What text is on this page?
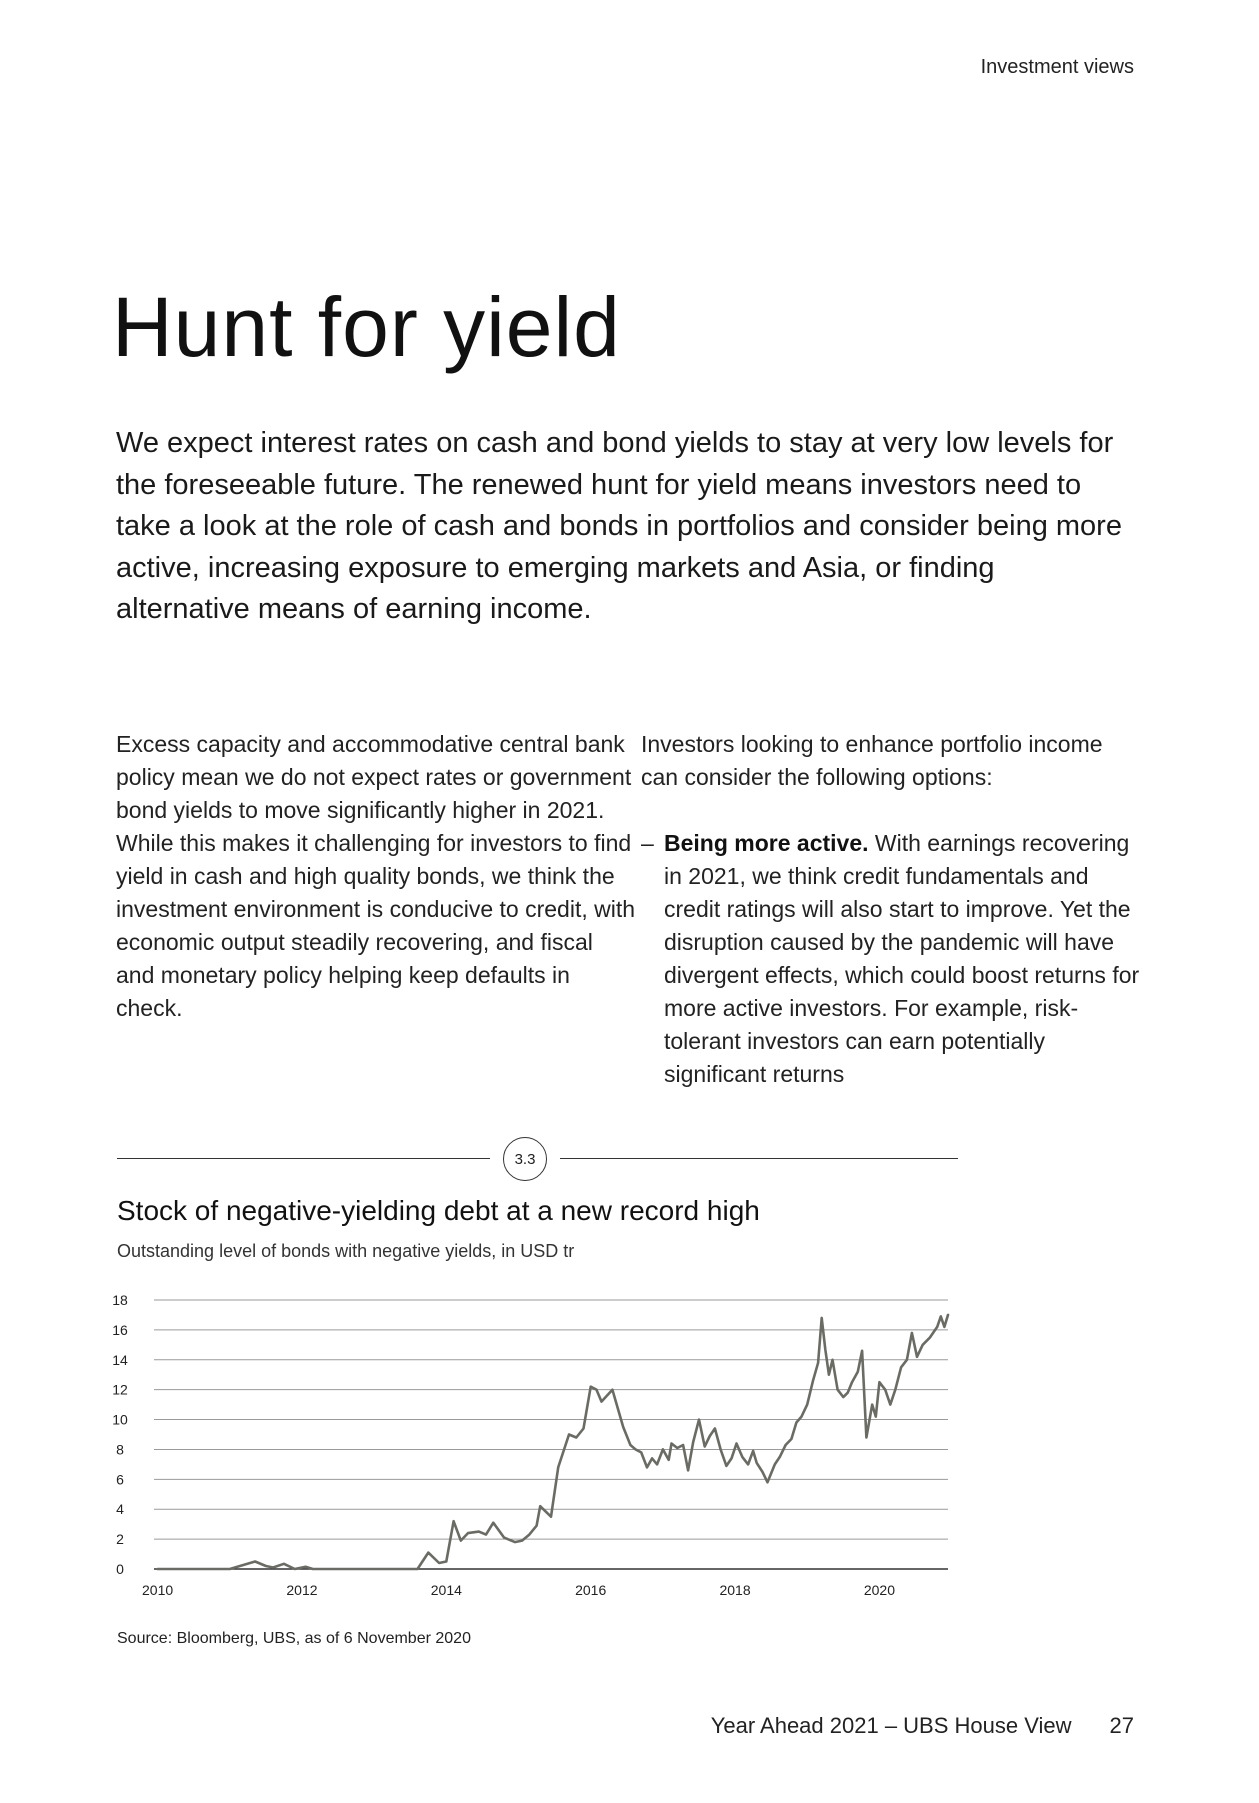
Investment views
Hunt for yield

We expect interest rates on cash and bond yields to stay at very low levels for the foreseeable future. The renewed hunt for yield means investors need to take a look at the role of cash and bonds in portfolios and consider being more active, increasing exposure to emerging markets and Asia, or finding alternative means of earning income.

Excess capacity and accommodative central bank policy mean we do not expect rates or government bond yields to move significantly higher in 2021. While this makes it challenging for investors to find yield in cash and high quality bonds, we think the investment environment is conducive to credit, with economic output steadily recovering, and fiscal and monetary policy helping keep defaults in check.

Investors looking to enhance portfolio income can consider the following options:

– Being more active. With earnings recovering in 2021, we think credit fundamentals and credit ratings will also start to improve. Yet the disruption caused by the pandemic will have divergent effects, which could boost returns for more active investors. For example, risk-tolerant investors can earn potentially significant returns
3.3
Stock of negative-yielding debt at a new record high
Outstanding level of bonds with negative yields, in USD tr
0
2
4
6
8
10
12
14
16
18
2010	2012	2014	2016	2018	2020
Source: Bloomberg, UBS, as of 6 November 2020
Year Ahead 2021 – UBS House View 27
